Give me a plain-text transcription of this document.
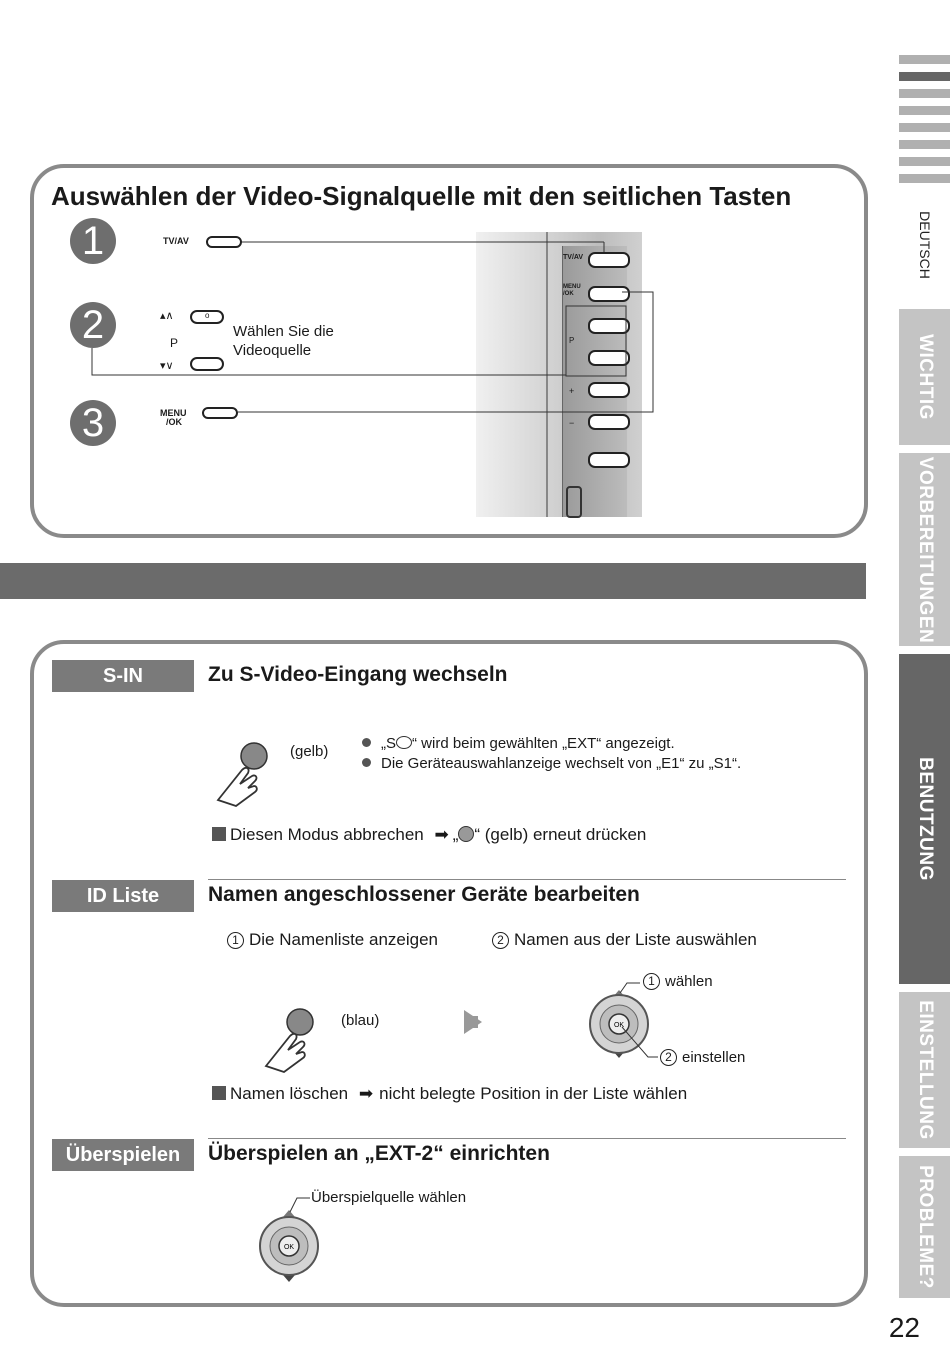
DEUTSCH
WICHTIG
VORBEREITUNGEN
BENUTZUNG
EINSTELLUNG
PROBLEME?
22
Auswählen der Video-Signalquelle mit den seitlichen Tasten
1
2
3
TV/AV
▴∧	o
P
▾∨
Wählen Sie die
Videoquelle
MENU
/OK
TV/AV
MENU /OK
P
+
−
S-IN	Zu S-Video-Eingang wechseln
(gelb)	„S “ wird beim gewählten „EXT“ angezeigt.
Die Geräteauswahlanzeige wechselt von „E1“ zu „S1“.
Diesen Modus abbrechen ➡ „ “ (gelb) erneut drücken
ID Liste	Namen angeschlossener Geräte bearbeiten
1 Die Namenliste anzeigen	2 Namen aus der Liste auswählen
(blau)	OK
1 wählen
2 einstellen
Namen löschen ➡ nicht belegte Position in der Liste wählen
Überspielen	Überspielen an „EXT-2“ einrichten
OK
Überspielquelle wählen
